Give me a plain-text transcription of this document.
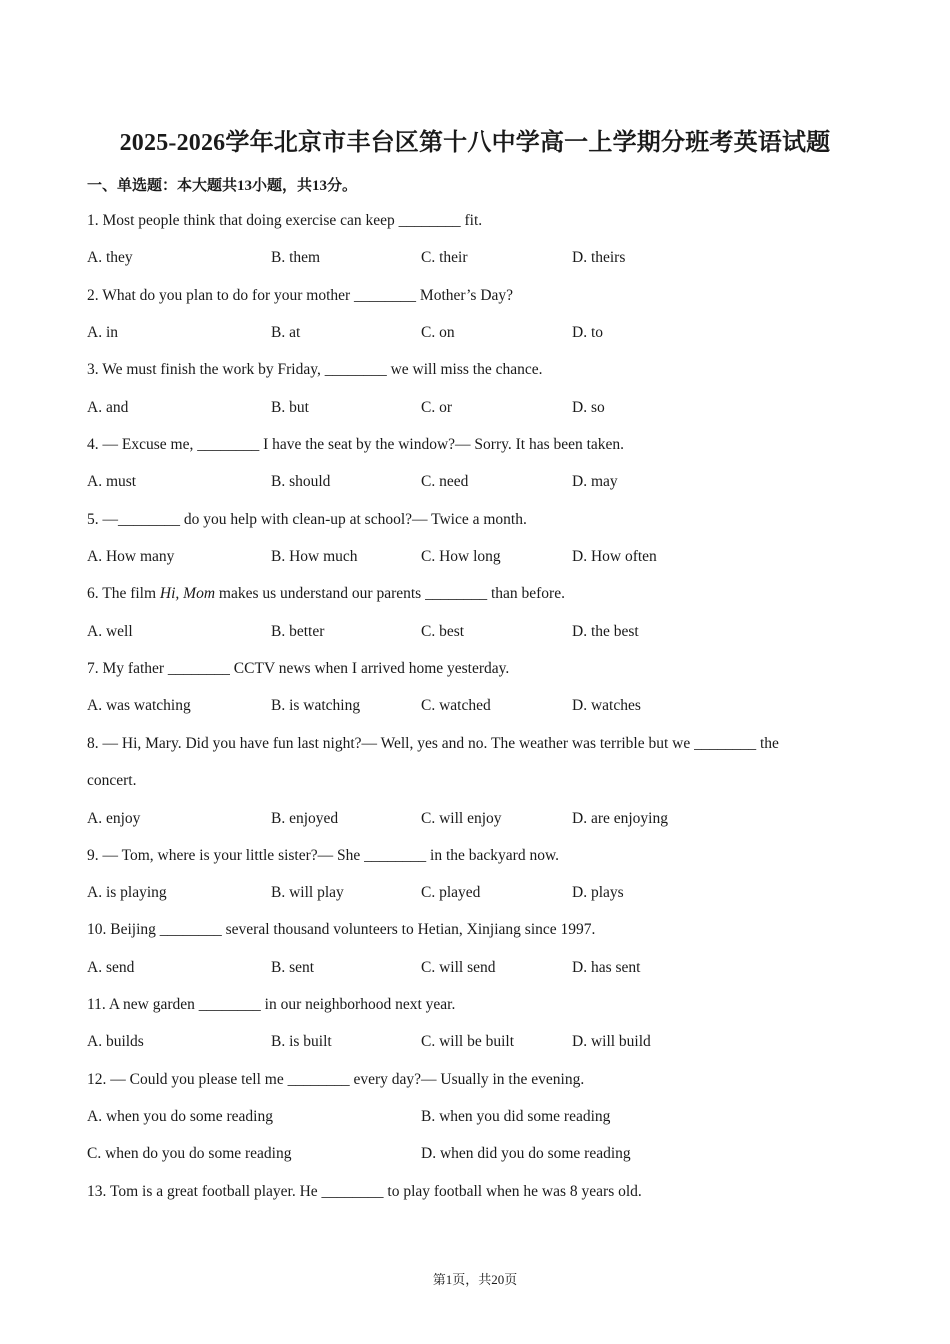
2025-2026学年北京市丰台区第十八中学高一上学期分班考英语试题
一、单选题：本大题共13小题，共13分。
1. Most people think that doing exercise can keep ________ fit.
A. they	B. them	C. their	D. theirs
2. What do you plan to do for your mother ________ Mother’s Day?
A. in	B. at	C. on	D. to
3. We must finish the work by Friday, ________ we will miss the chance.
A. and	B. but	C. or	D. so
4. — Excuse me, ________ I have the seat by the window?— Sorry. It has been taken.
A. must	B. should	C. need	D. may
5. —________ do you help with clean-up at school?— Twice a month.
A. How many	B. How much	C. How long	D. How often
6. The film Hi, Mom makes us understand our parents ________ than before.
A. well	B. better	C. best	D. the best
7. My father ________ CCTV news when I arrived home yesterday.
A. was watching	B. is watching	C. watched	D. watches
8. — Hi, Mary. Did you have fun last night?— Well, yes and no. The weather was terrible but we ________ the
concert.
A. enjoy	B. enjoyed	C. will enjoy	D. are enjoying
9. — Tom, where is your little sister?— She ________ in the backyard now.
A. is playing	B. will play	C. played	D. plays
10. Beijing ________ several thousand volunteers to Hetian, Xinjiang since 1997.
A. send	B. sent	C. will send	D. has sent
11. A new garden ________ in our neighborhood next year.
A. builds	B. is built	C. will be built	D. will build
12. — Could you please tell me ________ every day?— Usually in the evening.
A. when you do some reading	B. when you did some reading
C. when do you do some reading	D. when did you do some reading
13. Tom is a great football player. He ________ to play football when he was 8 years old.
第1页，共20页
